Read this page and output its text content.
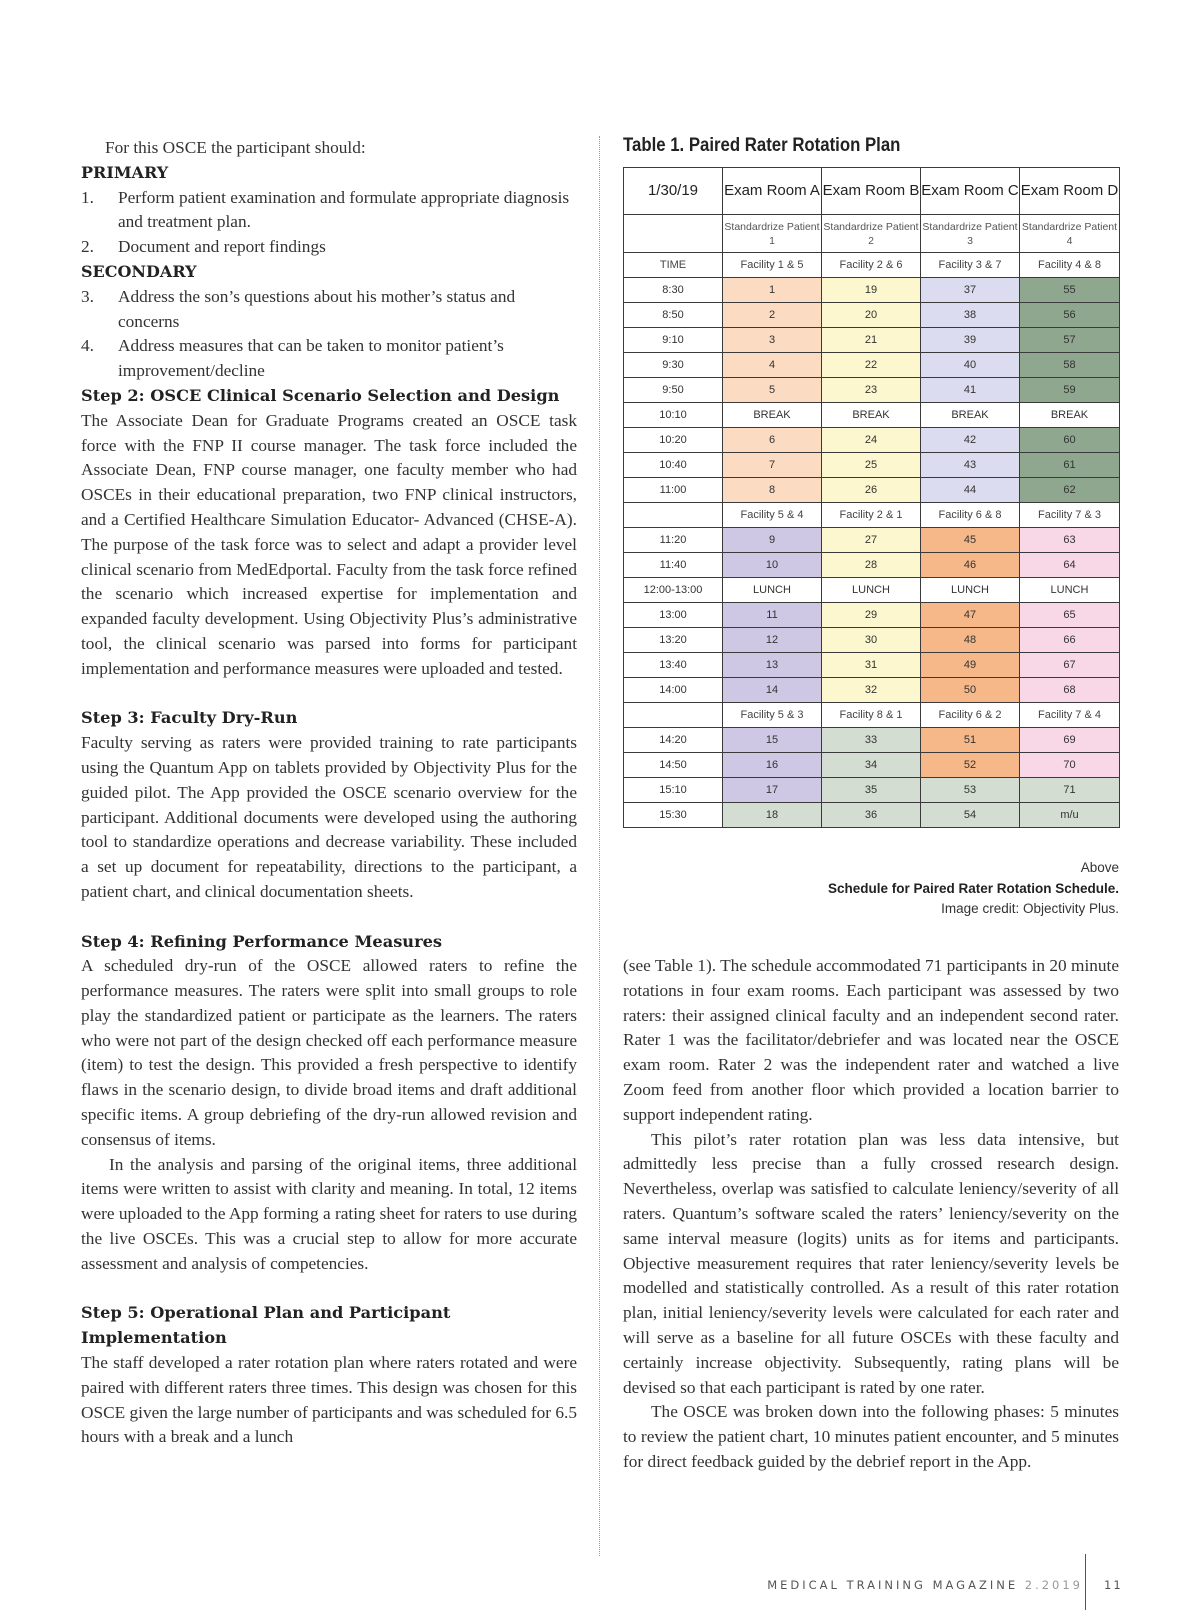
For this OSCE the participant should:

PRIMARY
1.	Perform patient examination and formulate appropriate diagnosis and treatment plan.
2.	Document and report findings
SECONDARY
3.	Address the son’s questions about his mother’s status and concerns
4.	Address measures that can be taken to monitor patient’s improvement/decline
Step 2: OSCE Clinical Scenario Selection and Design

The Associate Dean for Graduate Programs created an OSCE task force with the FNP II course manager. The task force included the Associate Dean, FNP course manager, one faculty member who had OSCEs in their educational preparation, two FNP clinical instructors, and a Certified Healthcare Simulation Educator- Advanced (CHSE-A). The purpose of the task force was to select and adapt a provider level clinical scenario from MedEdportal. Faculty from the task force refined the scenario which increased expertise for implementation and expanded faculty development. Using Objectivity Plus’s administrative tool, the clinical scenario was parsed into forms for participant implementation and performance measures were uploaded and tested.

Step 3: Faculty Dry-Run

Faculty serving as raters were provided training to rate participants using the Quantum App on tablets provided by Objectivity Plus for the guided pilot. The App provided the OSCE scenario overview for the participant. Additional documents were developed using the authoring tool to standardize operations and decrease variability. These included a set up document for repeatability, directions to the participant, a patient chart, and clinical documentation sheets.

Step 4: Refining Performance Measures

A scheduled dry-run of the OSCE allowed raters to refine the performance measures. The raters were split into small groups to role play the standardized patient or participate as the learners. The raters who were not part of the design checked off each performance measure (item) to test the design. This provided a fresh perspective to identify flaws in the scenario design, to divide broad items and draft additional specific items. A group debriefing of the dry-run allowed revision and consensus of items.

In the analysis and parsing of the original items, three additional items were written to assist with clarity and meaning. In total, 12 items were uploaded to the App forming a rating sheet for raters to use during the live OSCEs. This was a crucial step to allow for more accurate assessment and analysis of competencies.

Step 5: Operational Plan and Participant Implementation

The staff developed a rater rotation plan where raters rotated and were paired with different raters three times. This design was chosen for this OSCE given the large number of participants and was scheduled for 6.5 hours with a break and a lunch

Table 1. Paired Rater Rotation Plan
1/30/19	Exam Room A	Exam Room B	Exam Room C	Exam Room D
	Standardrize Patient 1	Standardrize Patient 2	Standardrize Patient 3	Standardrize Patient 4
TIME	Facility 1 & 5	Facility 2 & 6	Facility 3 & 7	Facility 4 & 8
8:30	1	19	37	55
8:50	2	20	38	56
9:10	3	21	39	57
9:30	4	22	40	58
9:50	5	23	41	59
10:10	BREAK	BREAK	BREAK	BREAK
10:20	6	24	42	60
10:40	7	25	43	61
11:00	8	26	44	62
	Facility 5 & 4	Facility 2 & 1	Facility 6 & 8	Facility 7 & 3
11:20	9	27	45	63
11:40	10	28	46	64
12:00-13:00	LUNCH	LUNCH	LUNCH	LUNCH
13:00	11	29	47	65
13:20	12	30	48	66
13:40	13	31	49	67
14:00	14	32	50	68
	Facility 5 & 3	Facility 8 & 1	Facility 6 & 2	Facility 7 & 4
14:20	15	33	51	69
14:50	16	34	52	70
15:10	17	35	53	71
15:30	18	36	54	m/u
Above
Schedule for Paired Rater Rotation Schedule.
Image credit: Objectivity Plus.

(see Table 1). The schedule accommodated 71 participants in 20 minute rotations in four exam rooms. Each participant was assessed by two raters: their assigned clinical faculty and an independent second rater. Rater 1 was the facilitator/debriefer and was located near the OSCE exam room. Rater 2 was the independent rater and watched a live Zoom feed from another floor which provided a location barrier to support independent rating.

This pilot’s rater rotation plan was less data intensive, but admittedly less precise than a fully crossed research design. Nevertheless, overlap was satisfied to calculate leniency/severity of all raters. Quantum’s software scaled the raters’ leniency/severity on the same interval measure (logits) units as for items and participants. Objective measurement requires that rater leniency/severity levels be modelled and statistically controlled. As a result of this rater rotation plan, initial leniency/severity levels were calculated for each rater and will serve as a baseline for all future OSCEs with these faculty and certainly increase objectivity. Subsequently, rating plans will be devised so that each participant is rated by one rater.

The OSCE was broken down into the following phases: 5 minutes to review the patient chart, 10 minutes patient encounter, and 5 minutes for direct feedback guided by the debrief report in the App.

MEDICAL TRAINING MAGAZINE 2.2019 11
